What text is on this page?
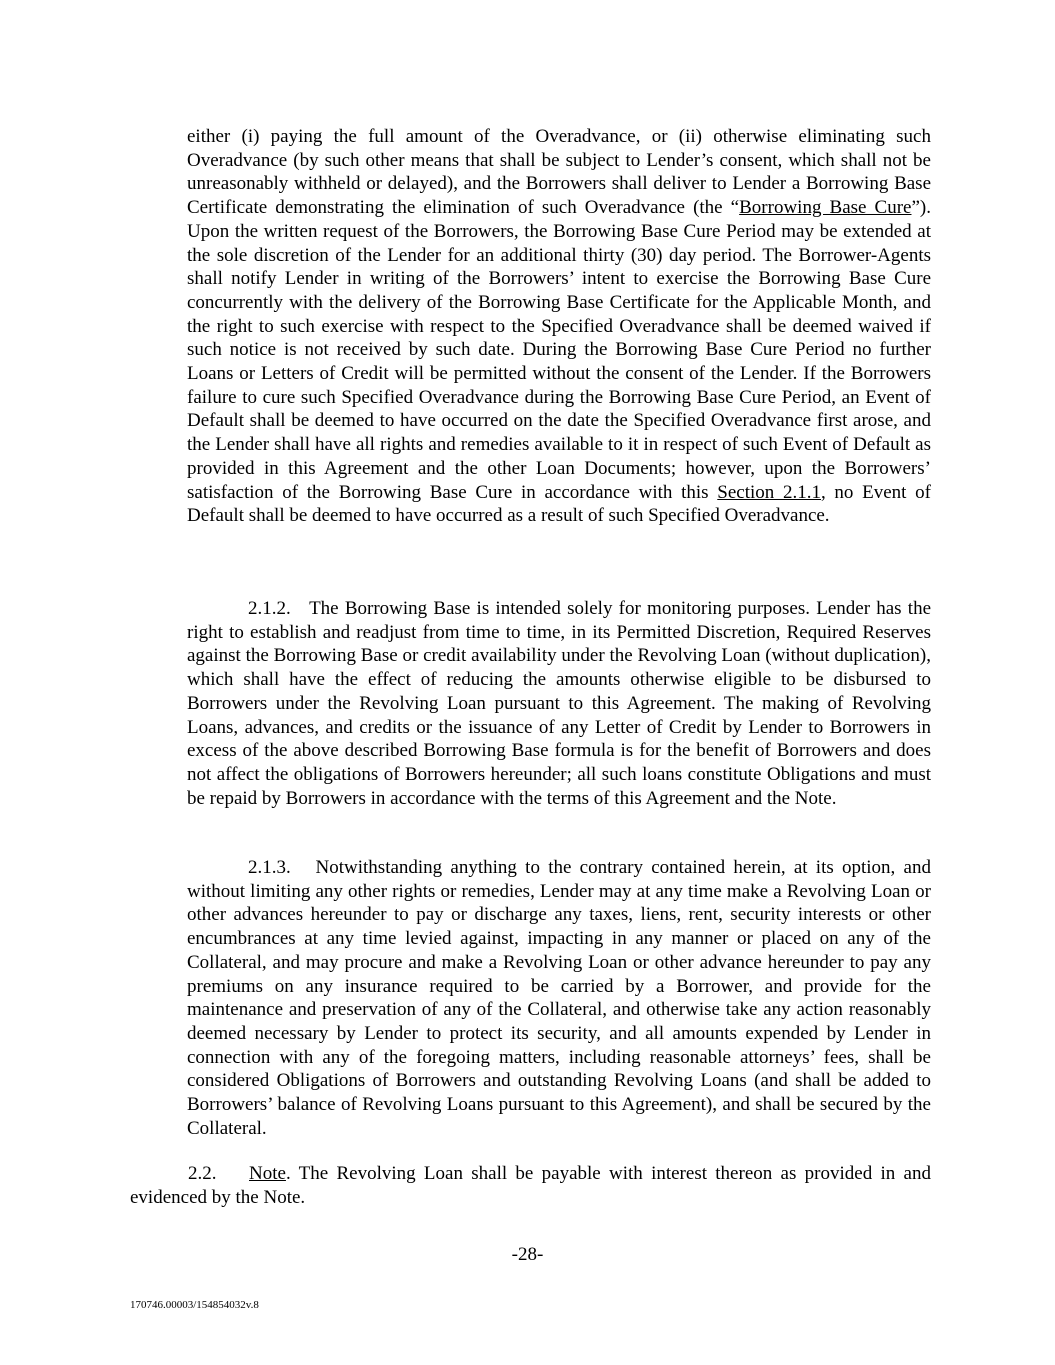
either (i) paying the full amount of the Overadvance, or (ii) otherwise eliminating such Overadvance (by such other means that shall be subject to Lender’s consent, which shall not be unreasonably withheld or delayed), and the Borrowers shall deliver to Lender a Borrowing Base Certificate demonstrating the elimination of such Overadvance (the “Borrowing Base Cure”). Upon the written request of the Borrowers, the Borrowing Base Cure Period may be extended at the sole discretion of the Lender for an additional thirty (30) day period. The Borrower-Agents shall notify Lender in writing of the Borrowers’ intent to exercise the Borrowing Base Cure concurrently with the delivery of the Borrowing Base Certificate for the Applicable Month, and the right to such exercise with respect to the Specified Overadvance shall be deemed waived if such notice is not received by such date. During the Borrowing Base Cure Period no further Loans or Letters of Credit will be permitted without the consent of the Lender. If the Borrowers failure to cure such Specified Overadvance during the Borrowing Base Cure Period, an Event of Default shall be deemed to have occurred on the date the Specified Overadvance first arose, and the Lender shall have all rights and remedies available to it in respect of such Event of Default as provided in this Agreement and the other Loan Documents; however, upon the Borrowers’ satisfaction of the Borrowing Base Cure in accordance with this Section 2.1.1, no Event of Default shall be deemed to have occurred as a result of such Specified Overadvance.

2.1.2. The Borrowing Base is intended solely for monitoring purposes. Lender has the right to establish and readjust from time to time, in its Permitted Discretion, Required Reserves against the Borrowing Base or credit availability under the Revolving Loan (without duplication), which shall have the effect of reducing the amounts otherwise eligible to be disbursed to Borrowers under the Revolving Loan pursuant to this Agreement. The making of Revolving Loans, advances, and credits or the issuance of any Letter of Credit by Lender to Borrowers in excess of the above described Borrowing Base formula is for the benefit of Borrowers and does not affect the obligations of Borrowers hereunder; all such loans constitute Obligations and must be repaid by Borrowers in accordance with the terms of this Agreement and the Note.

2.1.3. Notwithstanding anything to the contrary contained herein, at its option, and without limiting any other rights or remedies, Lender may at any time make a Revolving Loan or other advances hereunder to pay or discharge any taxes, liens, rent, security interests or other encumbrances at any time levied against, impacting in any manner or placed on any of the Collateral, and may procure and make a Revolving Loan or other advance hereunder to pay any premiums on any insurance required to be carried by a Borrower, and provide for the maintenance and preservation of any of the Collateral, and otherwise take any action reasonably deemed necessary by Lender to protect its security, and all amounts expended by Lender in connection with any of the foregoing matters, including reasonable attorneys’ fees, shall be considered Obligations of Borrowers and outstanding Revolving Loans (and shall be added to Borrowers’ balance of Revolving Loans pursuant to this Agreement), and shall be secured by the Collateral.

2.2. Note. The Revolving Loan shall be payable with interest thereon as provided in and evidenced by the Note.

-28-
170746.00003/154854032v.8
